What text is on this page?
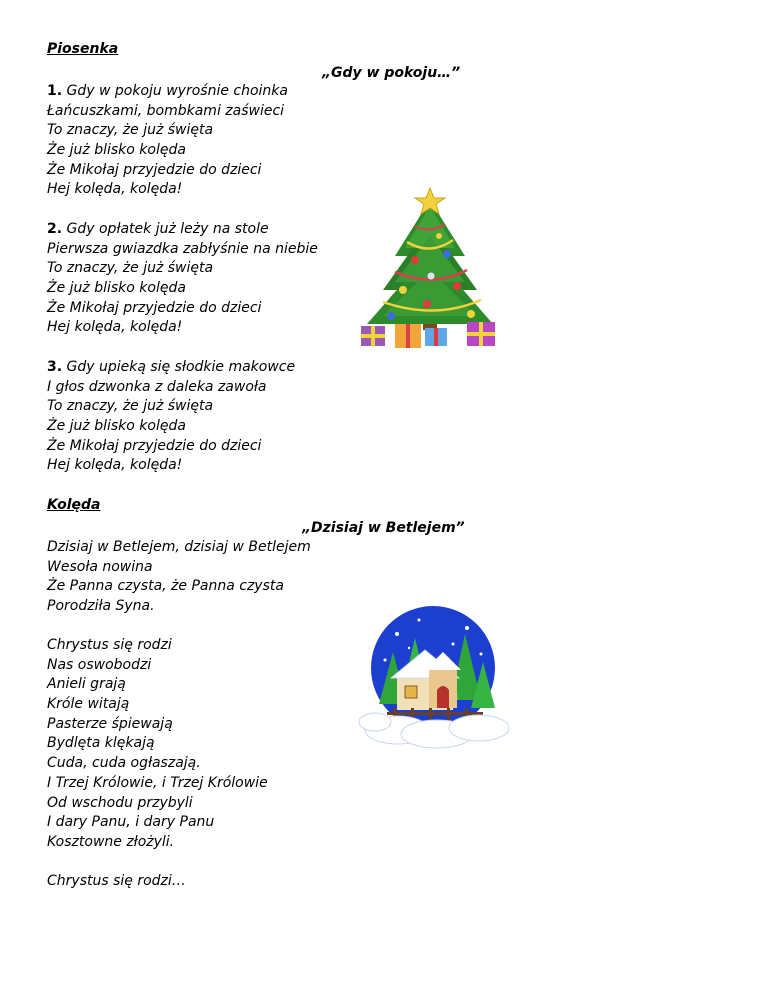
Piosenka
„Gdy w pokoju…”
1. Gdy w pokoju wyrośnie choinka
Łańcuszkami, bombkami zaświeci
To znaczy, że już święta
Że już blisko kolęda
Że Mikołaj przyjedzie do dzieci
Hej kolęda, kolęda!
2. Gdy opłatek już leży na stole
Pierwsza gwiazdka zabłyśnie na niebie
To znaczy, że już święta
Że już blisko kolęda
Że Mikołaj przyjedzie do dzieci
Hej kolęda, kolęda!
3. Gdy upieką się słodkie makowce
I głos dzwonka z daleka zawoła
To znaczy, że już święta
Że już blisko kolęda
Że Mikołaj przyjedzie do dzieci
Hej kolęda, kolęda!
Kolęda
„Dzisiaj w Betlejem”
Dzisiaj w Betlejem, dzisiaj w Betlejem
Wesoła nowina
Że Panna czysta, że Panna czysta
Porodziła Syna.
Chrystus się rodzi
Nas oswobodzi
Anieli grają
Króle witają
Pasterze śpiewają
Bydlęta klękają
Cuda, cuda ogłaszają.
I Trzej Królowie, i Trzej Królowie
Od wschodu przybyli
I dary Panu, i dary Panu
Kosztowne złożyli.
Chrystus się rodzi…
